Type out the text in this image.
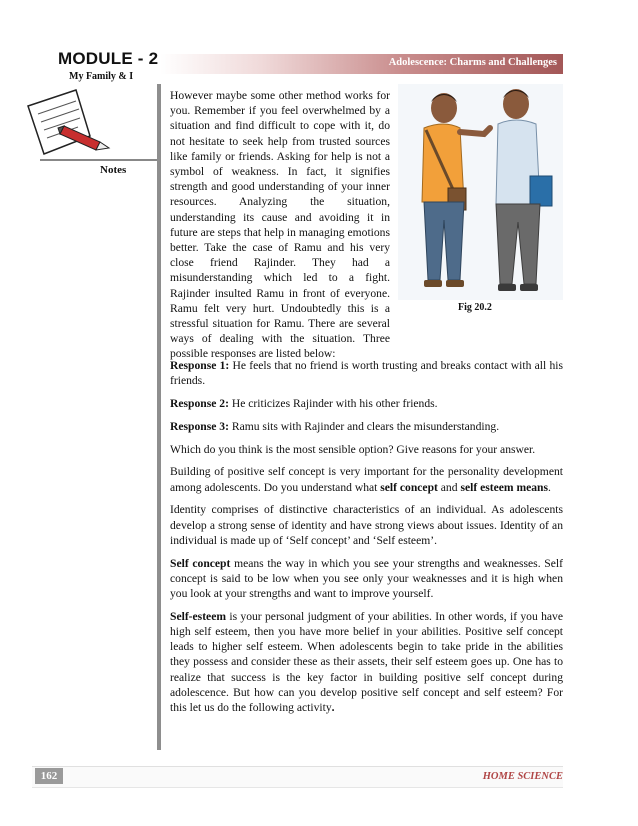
MODULE - 2
My Family & I
Notes
Adolescence: Charms and Challenges
However maybe some other method works for you. Remember if you feel overwhelmed by a situation and find difficult to cope with it, do not hesitate to seek help from trusted sources like family or friends. Asking for help is not a symbol of weakness. In fact, it signifies strength and good understanding of your inner resources. Analyzing the situation, understanding its cause and avoiding it in future are steps that help in managing emotions better. Take the case of Ramu and his very close friend Rajinder. They had a misunderstanding which led to a fight. Rajinder insulted Ramu in front of everyone. Ramu felt very hurt. Undoubtedly this is a stressful situation for Ramu. There are several ways of dealing with the situation. Three possible responses are listed below:
Fig 20.2

Response 1: He feels that no friend is worth trusting and breaks contact with all his friends.

Response 2: He criticizes Rajinder with his other friends.

Response 3: Ramu sits with Rajinder and clears the misunderstanding.

Which do you think is the most sensible option? Give reasons for your answer.

Building of positive self concept is very important for the personality development among adolescents. Do you understand what self concept and self esteem means.

Identity comprises of distinctive characteristics of an individual. As adolescents develop a strong sense of identity and have strong views about issues. Identity of an individual is made up of ‘Self concept’ and ‘Self esteem’.

Self concept means the way in which you see your strengths and weaknesses. Self concept is said to be low when you see only your weaknesses and it is high when you look at your strengths and want to improve yourself.

Self-esteem is your personal judgment of your abilities. In other words, if you have high self esteem, then you have more belief in your abilities. Positive self concept leads to higher self esteem. When adolescents begin to take pride in the abilities they possess and consider these as their assets, their self esteem goes up. One has to realize that success is the key factor in building positive self concept during adolescence. But how can you develop positive self concept and self esteem? For this let us do the following activity.

162	HOME SCIENCE
